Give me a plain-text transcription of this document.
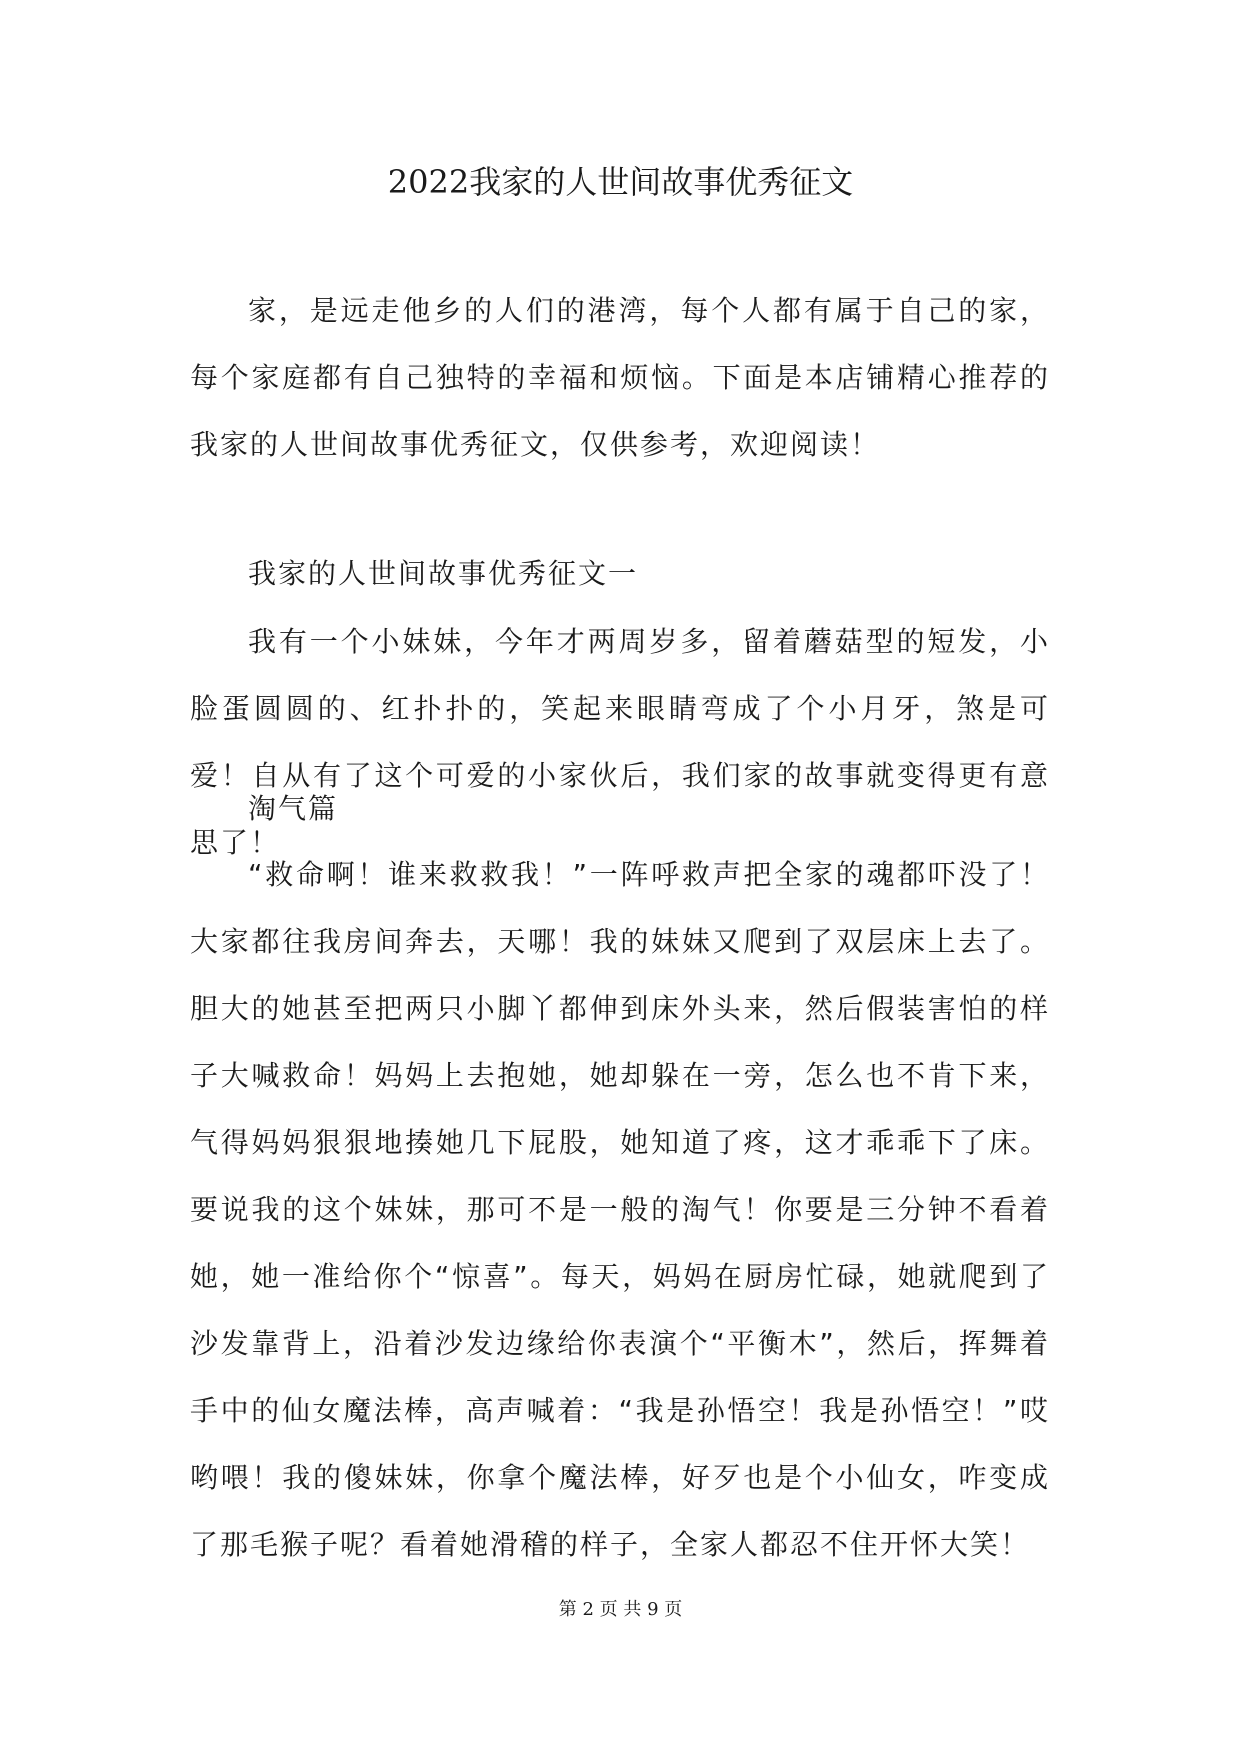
2022我家的人世间故事优秀征文

家，是远走他乡的人们的港湾，每个人都有属于自己的家，每个家庭都有自己独特的幸福和烦恼。下面是本店铺精心推荐的我家的人世间故事优秀征文，仅供参考，欢迎阅读！

我家的人世间故事优秀征文一

我有一个小妹妹，今年才两周岁多，留着蘑菇型的短发，小脸蛋圆圆的、红扑扑的，笑起来眼睛弯成了个小月牙，煞是可爱！自从有了这个可爱的小家伙后，我们家的故事就变得更有意思了！

淘气篇

“救命啊！谁来救救我！”一阵呼救声把全家的魂都吓没了！大家都往我房间奔去，天哪！我的妹妹又爬到了双层床上去了。胆大的她甚至把两只小脚丫都伸到床外头来，然后假装害怕的样子大喊救命！妈妈上去抱她，她却躲在一旁，怎么也不肯下来，气得妈妈狠狠地揍她几下屁股，她知道了疼，这才乖乖下了床。要说我的这个妹妹，那可不是一般的淘气！你要是三分钟不看着她，她一准给你个“惊喜”。每天，妈妈在厨房忙碌，她就爬到了沙发靠背上，沿着沙发边缘给你表演个“平衡木”，然后，挥舞着手中的仙女魔法棒，高声喊着：“我是孙悟空！我是孙悟空！”哎哟喂！我的傻妹妹，你拿个魔法棒，好歹也是个小仙女，咋变成了那毛猴子呢？看着她滑稽的样子，全家人都忍不住开怀大笑！

第 2 页 共 9 页
